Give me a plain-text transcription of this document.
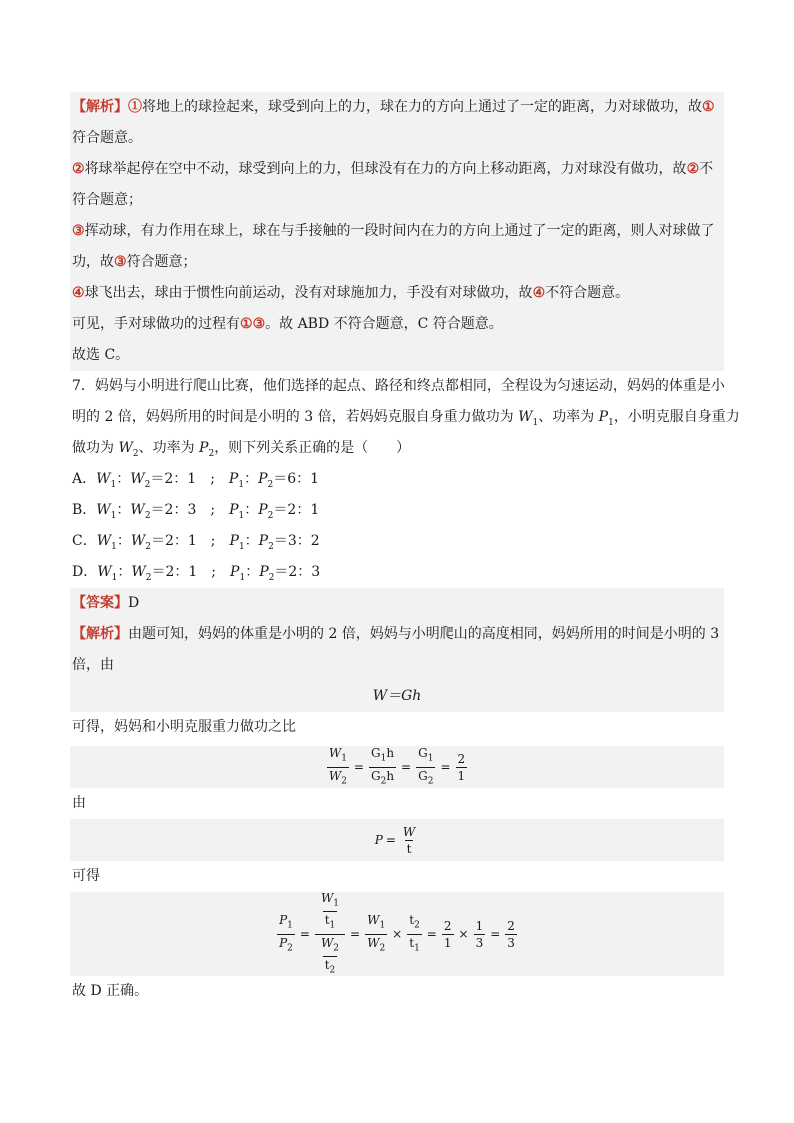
【解析】①将地上的球捡起来，球受到向上的力，球在力的方向上通过了一定的距离，力对球做功，故①
符合题意。
②将球举起停在空中不动，球受到向上的力，但球没有在力的方向上移动距离，力对球没有做功，故②不
符合题意；
③挥动球，有力作用在球上，球在与手接触的一段时间内在力的方向上通过了一定的距离，则人对球做了
功，故③符合题意；
④球飞出去，球由于惯性向前运动，没有对球施加力，手没有对球做功，故④不符合题意。
可见，手对球做功的过程有①③。故 ABD 不符合题意，C 符合题意。
故选 C。
7．妈妈与小明进行爬山比赛，他们选择的起点、路径和终点都相同，全程设为匀速运动，妈妈的体重是小
明的 2 倍，妈妈所用的时间是小明的 3 倍，若妈妈克服自身重力做功为 $W_1$、功率为 $P_1$，小明克服自身重力
做功为 $W_2$、功率为 $P_2$，则下列关系正确的是（　　）
A．$W_1$：$W_2=2$：1　;　$P_1$：$P_2=6$：1
B．$W_1$：$W_2=2$：3　;　$P_1$：$P_2=2$：1
C．$W_1$：$W_2=2$：1　;　$P_1$：$P_2=3$：2
D．$W_1$：$W_2=2$：1　;　$P_1$：$P_2=2$：3
【答案】D
【解析】由题可知，妈妈的体重是小明的 2 倍，妈妈与小明爬山的高度相同，妈妈所用的时间是小明的 3
倍，由
W＝Gh
可得，妈妈和小明克服重力做功之比
$\frac{W_1}{W_2} = \frac{G_1h}{G_2h} = \frac{G_1}{G_2} = \frac{2}{1}$
由
$P = \frac{W}{t}$
可得
$\frac{P_1}{P_2} = \frac{\frac{W_1}{t_1}}{\frac{W_2}{t_2}} = \frac{W_1}{W_2} \times \frac{t_2}{t_1} = \frac{2}{1} \times \frac{1}{3} = \frac{2}{3}$
故 D 正确。
